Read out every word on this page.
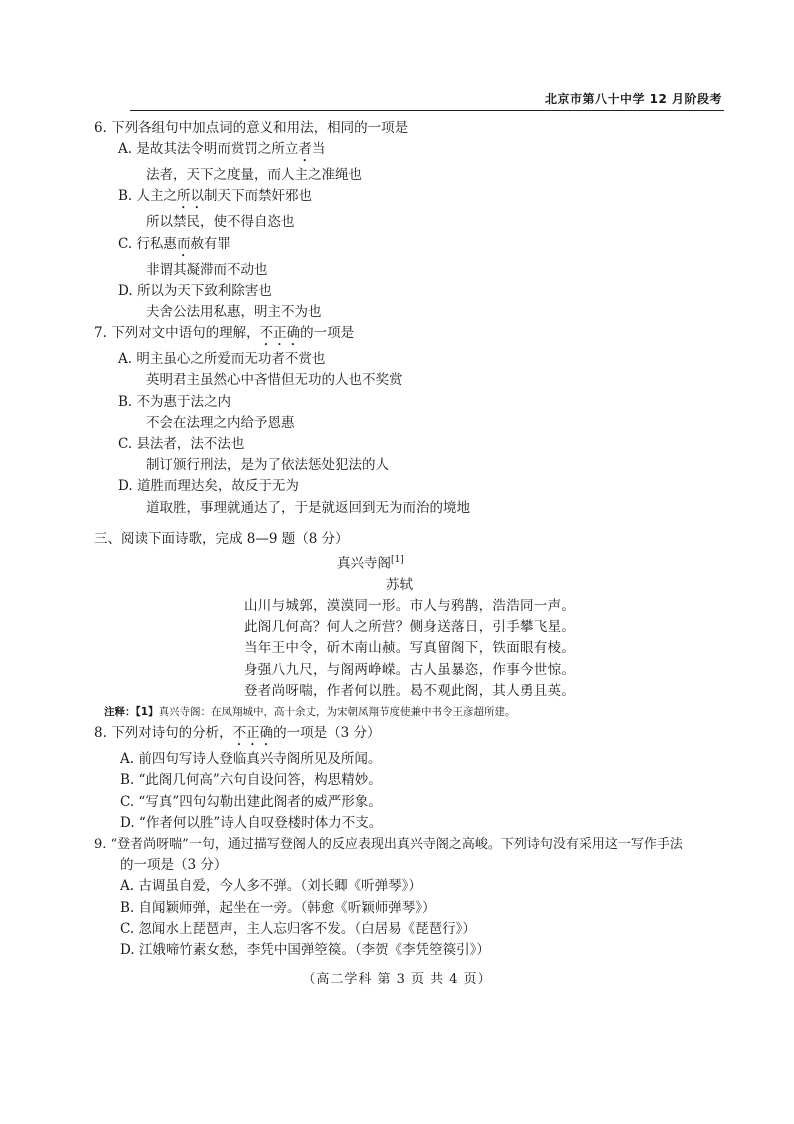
北京市第八十中学 12 月阶段考
6. 下列各组句中加点词的意义和用法，相同的一项是
A. 是故其法令明而赏罚之所立者当
法者，天下之度量，而人主之准绳也
B. 人主之所以制天下而禁奸邪也
所以禁民，使不得自恣也
C. 行私惠而赦有罪
非谓其凝滞而不动也
D. 所以为天下致利除害也
夫舍公法用私惠，明主不为也
7. 下列对文中语句的理解，不正确的一项是
A. 明主虽心之所爱而无功者不赏也
英明君主虽然心中吝惜但无功的人也不奖赏
B. 不为惠于法之内
不会在法理之内给予恩惠
C. 县法者，法不法也
制订颁行刑法，是为了依法惩处犯法的人
D. 道胜而理达矣，故反于无为
道取胜，事理就通达了，于是就返回到无为而治的境地
三、阅读下面诗歌，完成 8—9 题（8 分）
真兴寺阁[1]
苏轼
山川与城郭，漠漠同一形。市人与鸦鹊，浩浩同一声。
此阁几何高？何人之所营？侧身送落日，引手攀飞星。
当年王中令，斫木南山赪。写真留阁下，铁面眼有棱。
身强八九尺，与阁两峥嵘。古人虽暴恣，作事今世惊。
登者尚呀喘，作者何以胜。曷不观此阁，其人勇且英。
注释：【1】真兴寺阁：在凤翔城中，高十余丈，为宋朝凤翔节度使兼中书令王彦超所建。
8. 下列对诗句的分析，不正确的一项是（3 分）
A. 前四句写诗人登临真兴寺阁所见及所闻。
B. “此阁几何高”六句自设问答，构思精妙。
C. “写真”四句勾勒出建此阁者的威严形象。
D. “作者何以胜”诗人自叹登楼时体力不支。
9. “登者尚呀喘”一句，通过描写登阁人的反应表现出真兴寺阁之高峻。下列诗句没有采用这一写作手法
的一项是（3 分）
A. 古调虽自爱，今人多不弹。（刘长卿《听弹琴》）
B. 自闻颖师弹，起坐在一旁。（韩愈《听颖师弹琴》）
C. 忽闻水上琵琶声，主人忘归客不发。（白居易《琵琶行》）
D. 江娥啼竹素女愁，李凭中国弹箜篌。（李贺《李凭箜篌引》）
（高二学科 第 3 页 共 4 页）
